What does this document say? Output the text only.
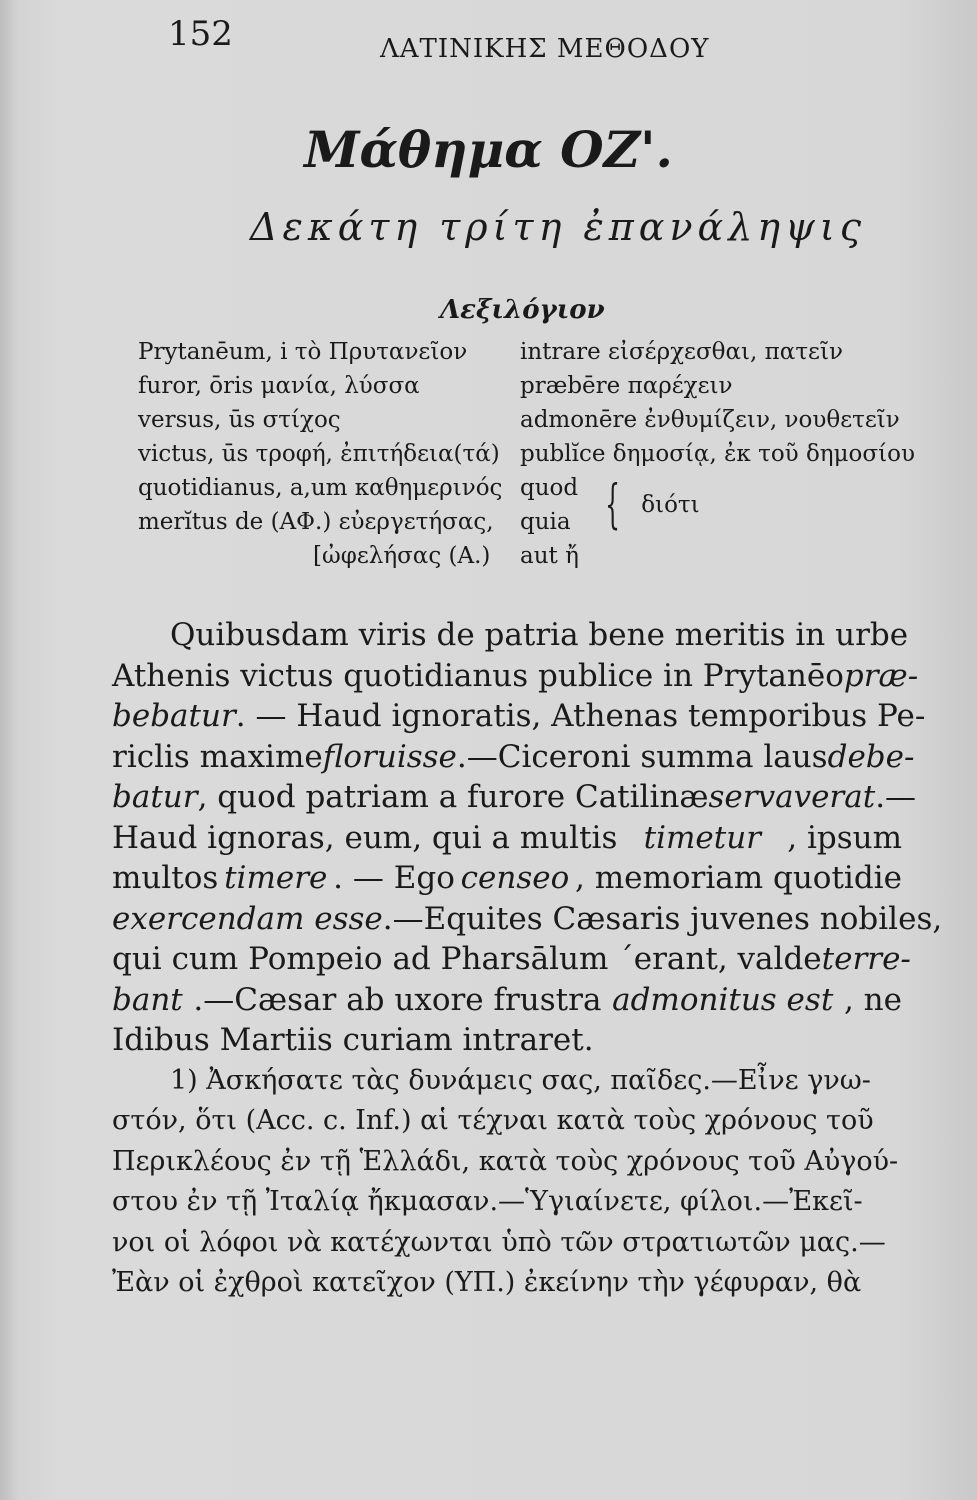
152	ΛΑΤΙΝΙΚΗΣ ΜΕΘΟΔΟΥ
Μάθημα ΟΖ'.
Δεκάτη τρίτη ἐπανάληψις
Λεξιλόγιον
Prytanēum, i τὸ Πρυτανεῖον
furor, ōris μανία, λύσσα
versus, ūs στίχος
victus, ūs τροφή, ἐπιτήδεια(τά)
quotidianus, a,um καθημερινός
merĭtus de (ΑΦ.) εὐεργετήσας,
[ὠφελήσας (Α.)
intrare εἰσέρχεσθαι, πατεῖν
præbēre παρέχειν
admonēre ἐνθυμίζειν, νουθετεῖν
publĭce δημοσίᾳ, ἐκ τοῦ δημοσίου
quod
quia { διότι
aut ἤ
Quibusdam viris de patria bene meritis in urbe
Athenis victus quotidianus publice in Prytanēo præ-
bebatur . — Haud ignoratis, Athenas temporibus Pe-
riclis maxime floruisse .—Ciceroni summa laus debe-
batur , quod patriam a furore Catilinæ servaverat .—
Haud ignoras, eum, qui a multis timetur , ipsum
multos timere . — Ego censeo , memoriam quotidie
exercendam esse .—Equites Cæsaris juvenes nobiles,
qui cum Pompeio ad Pharsālum ´erant, valde terre-
bant .—Cæsar ab uxore frustra admonitus est , ne
Idibus Martiis curiam intraret.
1) Ἀσκήσατε τὰς δυνάμεις σας, παῖδες.—Εἶνε γνω-
στόν, ὅτι (Acc. c. Inf.) αἱ τέχναι κατὰ τοὺς χρόνους τοῦ
Περικλέους ἐν τῇ Ἑλλάδι, κατὰ τοὺς χρόνους τοῦ Αὐγού-
στου ἐν τῇ Ἰταλίᾳ ἤκμασαν.—Ὑγιαίνετε, φίλοι.—Ἐκεῖ-
νοι οἱ λόφοι νὰ κατέχωνται ὑπὸ τῶν στρατιωτῶν μας.—
Ἐὰν οἱ ἐχθροὶ κατεῖχον (ΥΠ.) ἐκείνην τὴν γέφυραν, θὰ
